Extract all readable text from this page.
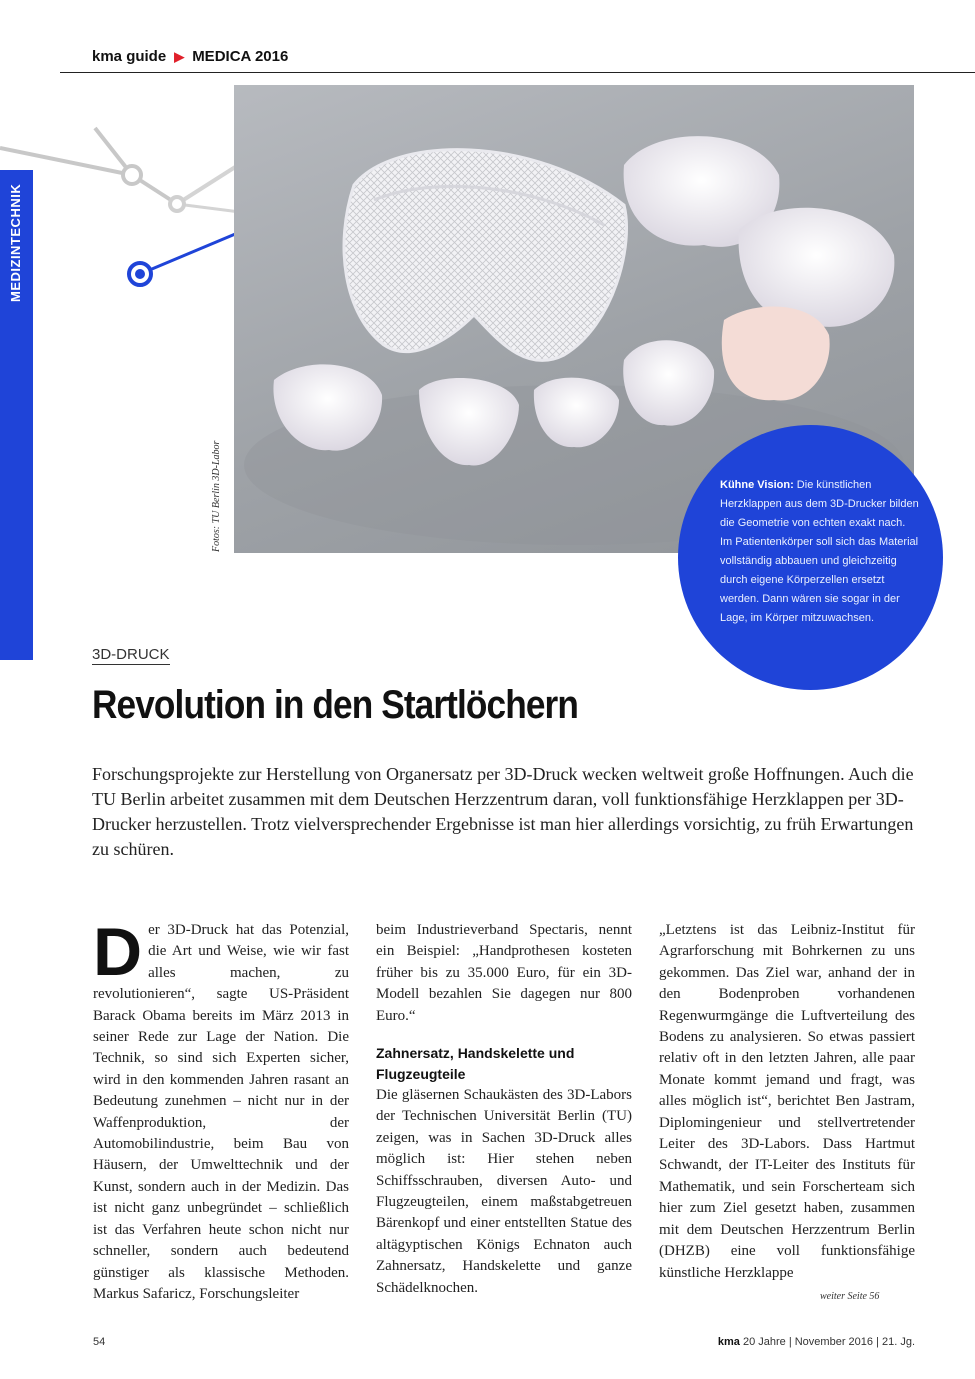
kma guide ▶ MEDICA 2016
MEDIZINTECHNIK
Fotos: TU Berlin 3D-Labor	Kühne Vision: Die künstlichen Herzklappen aus dem 3D-Drucker bilden die Geometrie von echten exakt nach. Im Patientenkörper soll sich das Material vollständig abbauen und gleichzeitig durch eigene Körperzellen ersetzt werden. Dann wären sie sogar in der Lage, im Körper mitzuwachsen.
3D-DRUCK
Revolution in den Startlöchern
Forschungsprojekte zur Herstellung von Organersatz per 3D-Druck wecken weltweit große Hoffnungen. Auch die TU Berlin arbeitet zusammen mit dem Deutschen Herzzentrum daran, voll funktionsfähige Herzklappen per 3D-Drucker herzustellen. Trotz vielversprechender Ergebnisse ist man hier allerdings vorsichtig, zu früh Erwartungen zu schüren.
D er 3D-Druck hat das Potenzial, die Art und Weise, wie wir fast alles machen, zu revolutionieren“, sagte US-Präsident Barack Obama bereits im März 2013 in seiner Rede zur Lage der Nation. Die Technik, so sind sich Experten sicher, wird in den kommenden Jahren rasant an Bedeutung zunehmen – nicht nur in der Waffenproduktion, der Automobilindustrie, beim Bau von Häusern, der Umwelttechnik und der Kunst, sondern auch in der Medizin. Das ist nicht ganz unbegründet – schließlich ist das Verfahren heute schon nicht nur schneller, sondern auch bedeutend günstiger als klassische Methoden. Markus Safaricz, Forschungsleiter

beim Industrieverband Spectaris, nennt ein Beispiel: „Handprothesen kosteten früher bis zu 35.000 Euro, für ein 3D-Modell bezahlen Sie dagegen nur 800 Euro.“

Zahnersatz, Handskelette und Flugzeugteile

Die gläsernen Schaukästen des 3D-Labors der Technischen Universität Berlin (TU) zeigen, was in Sachen 3D-Druck alles möglich ist: Hier stehen neben Schiffsschrauben, diversen Auto- und Flugzeugteilen, einem maßstabgetreuen Bärenkopf und einer entstellten Statue des altägyptischen Königs Echnaton auch Zahnersatz, Handskelette und ganze Schädelknochen.

„Letztens ist das Leibniz-Institut für Agrarforschung mit Bohrkernen zu uns gekommen. Das Ziel war, anhand der in den Bodenproben vorhandenen Regenwurmgänge die Luftverteilung des Bodens zu analysieren. So etwas passiert relativ oft in den letzten Jahren, alle paar Monate kommt jemand und fragt, was alles möglich ist“, berichtet Ben Jastram, Diplomingenieur und stellvertretender Leiter des 3D-Labors. Dass Hartmut Schwandt, der IT-Leiter des Instituts für Mathematik, und sein Forscherteam sich hier zum Ziel gesetzt haben, zusammen mit dem Deutschen Herzzentrum Berlin (DHZB) eine voll funktionsfähige künstliche Herzklappe

weiter Seite 56
54	kma 20 Jahre | November 2016 | 21. Jg.
